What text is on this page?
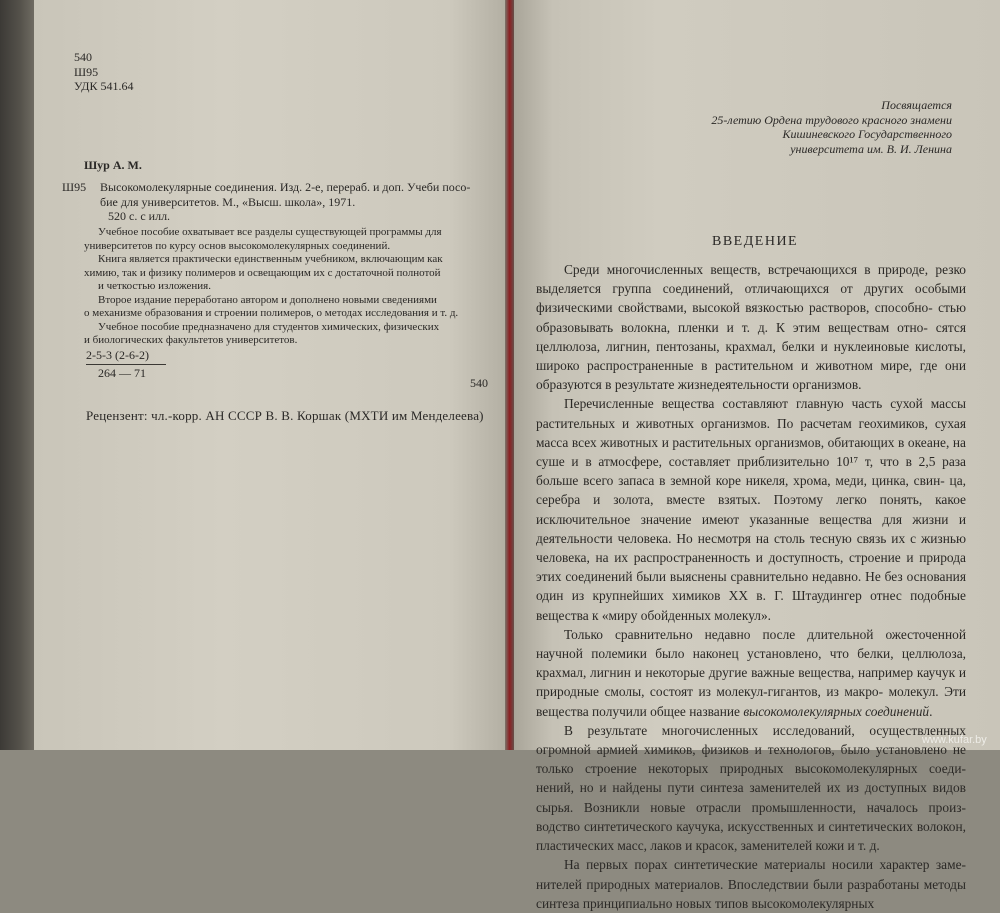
540
Ш95
УДК 541.64
Шур А. М.
Ш95 Высокомолекулярные соединения. Изд. 2-е, перераб. и доп. Учеби посо-
бие для университетов. М., «Высш. школа», 1971.
520 с. с илл.
Учебное пособие охватывает все разделы существующей программы для
университетов по курсу основ высокомолекулярных соединений.
Книга является практически единственным учебником, включающим как
химию, так и физику полимеров и освещающим их с достаточной полнотой
и четкостью изложения.
Второе издание переработано автором и дополнено новыми сведениями
о механизме образования и строении полимеров, о методах исследования и т. д.
Учебное пособие предназначено для студентов химических, физических
и биологических факультетов университетов.
2-5-3 (2-6-2)
264 — 71
540
Рецензент: чл.-корр. АН СССР В. В. Коршак (МХТИ им Менделеева)
Посвящается
25-летию Ордена трудового красного знамени
Кишиневского Государственного
университета им. В. И. Ленина
ВВЕДЕНИЕ

Среди многочисленных веществ, встречающихся в природе, резко выделяется группа соединений, отличающихся от других особыми физическими свойствами, высокой вязкостью растворов, способно- стью образовывать волокна, пленки и т. д. К этим веществам отно- сятся целлюлоза, лигнин, пентозаны, крахмал, белки и нуклеиновые кислоты, широко распространенные в растительном и животном мире, где они образуются в результате жизнедеятельности организмов.

Перечисленные вещества составляют главную часть сухой массы растительных и животных организмов. По расчетам геохимиков, сухая масса всех животных и растительных организмов, обитающих в океане, на суше и в атмосфере, составляет приблизительно 10¹⁷ т, что в 2,5 раза больше всего запаса в земной коре никеля, хрома, меди, цинка, свин- ца, серебра и золота, вместе взятых. Поэтому легко понять, какое исключительное значение имеют указанные вещества для жизни и деятельности человека. Но несмотря на столь тесную связь их с жизнью человека, на их распространенность и доступность, строение и природа этих соединений были выяснены сравнительно недавно. Не без основания один из крупнейших химиков XX в. Г. Штаудингер отнес подобные вещества к «миру обойденных молекул».

Только сравнительно недавно после длительной ожесточенной научной полемики было наконец установлено, что белки, целлюлоза, крахмал, лигнин и некоторые другие важные вещества, например каучук и природные смолы, состоят из молекул-гигантов, из макро- молекул. Эти вещества получили общее название высокомолекулярных соединений.

В результате многочисленных исследований, осуществленных огромной армией химиков, физиков и технологов, было установлено не только строение некоторых природных высокомолекулярных соеди- нений, но и найдены пути синтеза заменителей их из доступных видов сырья. Возникли новые отрасли промышленности, началось произ- водство синтетического каучука, искусственных и синтетических волокон, пластических масс, лаков и красок, заменителей кожи и т. д.

На первых порах синтетические материалы носили характер заме- нителей природных материалов. Впоследствии были разработаны методы синтеза принципиально новых типов высокомолекулярных

www.kufar.by
